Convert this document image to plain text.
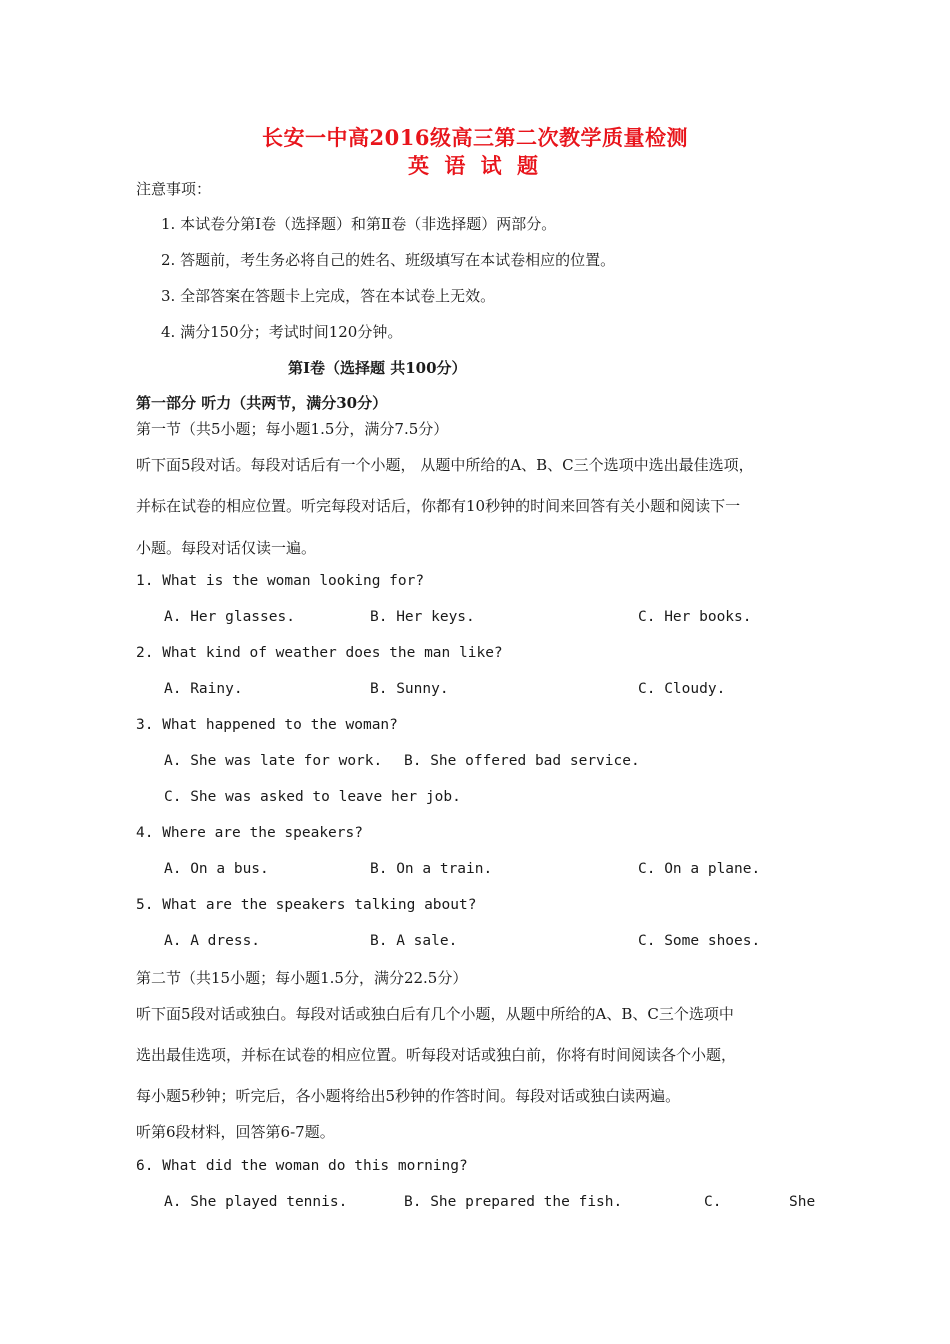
长安一中高2016级高三第二次教学质量检测
英 语 试 题
注意事项：
1. 本试卷分第Ⅰ卷（选择题）和第Ⅱ卷（非选择题）两部分。
2. 答题前，考生务必将自己的姓名、班级填写在本试卷相应的位置。
3. 全部答案在答题卡上完成，答在本试卷上无效。
4. 满分150分；考试时间120分钟。
第Ⅰ卷（选择题 共100分）
第一部分 听力（共两节，满分30分）
第一节（共5小题；每小题1.5分，满分7.5分）
听下面5段对话。每段对话后有一个小题， 从题中所给的A、B、C三个选项中选出最佳选项，
并标在试卷的相应位置。听完每段对话后，你都有10秒钟的时间来回答有关小题和阅读下一
小题。每段对话仅读一遍。
1. What is the woman looking for?
A. Her glasses.	B. Her keys.	C. Her books.
2. What kind of weather does the man like?
A. Rainy.	B. Sunny.	C. Cloudy.
3. What happened to the woman?
A. She was late for work. B. She offered bad service.
C. She was asked to leave her job.
4. Where are the speakers?
A. On a bus.	B. On a train.	C. On a plane.
5. What are the speakers talking about?
A. A dress.	B. A sale.	C. Some shoes.
第二节（共15小题；每小题1.5分，满分22.5分）
听下面5段对话或独白。每段对话或独白后有几个小题，从题中所给的A、B、C三个选项中
选出最佳选项，并标在试卷的相应位置。听每段对话或独白前，你将有时间阅读各个小题，
每小题5秒钟；听完后，各小题将给出5秒钟的作答时间。每段对话或独白读两遍。
听第6段材料，回答第6-7题。
6. What did the woman do this morning?
A. She played tennis.	B. She prepared the fish.	C.	She
